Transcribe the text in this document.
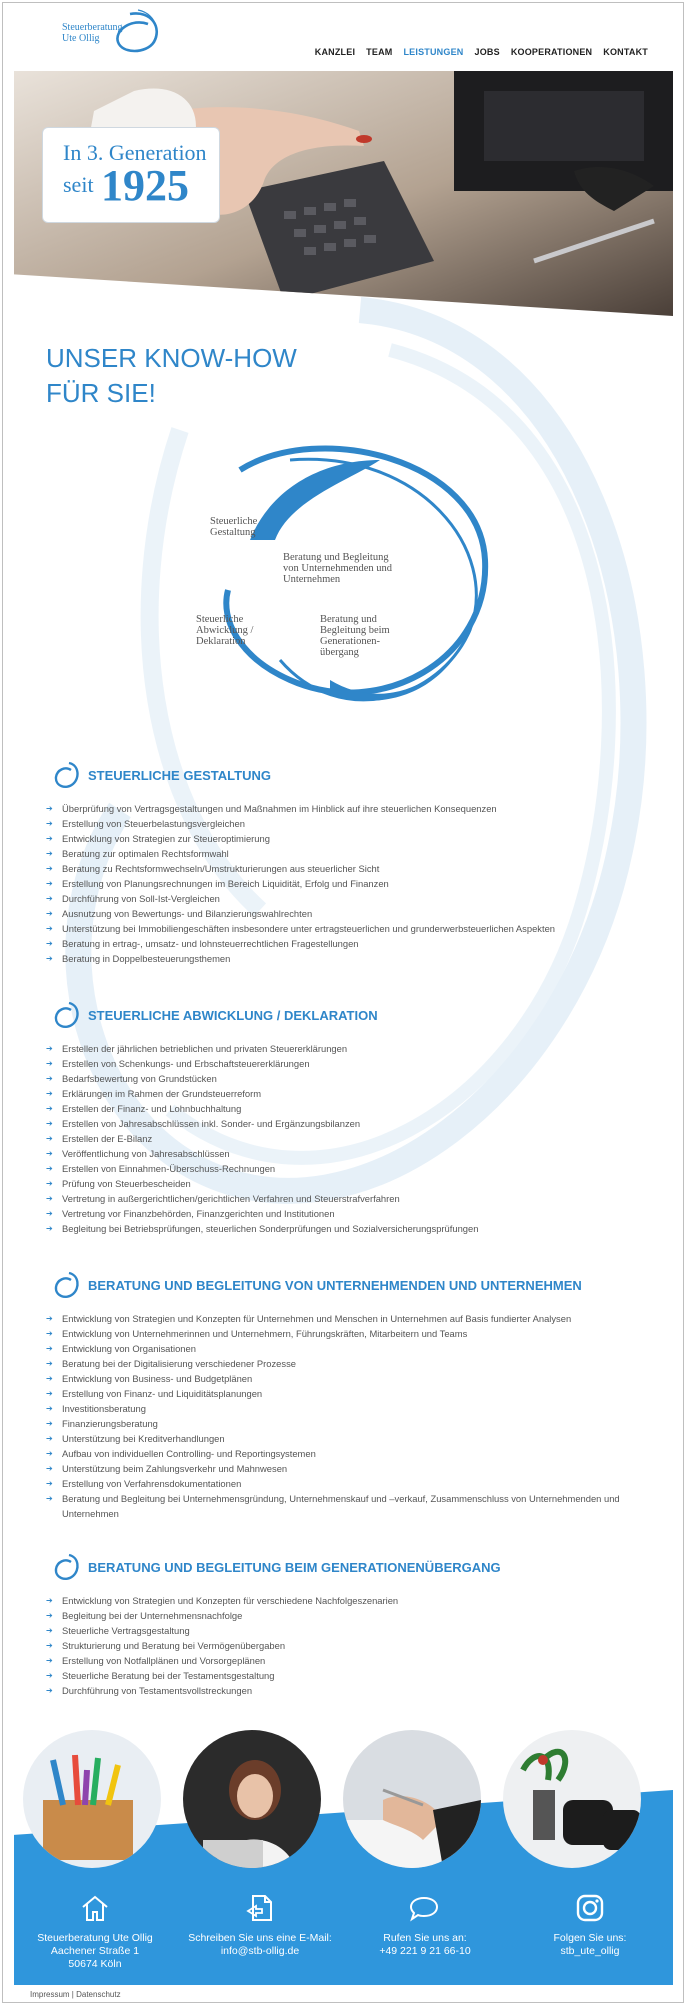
Steuerberatung
Ute Ollig
KANZLEI TEAM LEISTUNGEN JOBS KOOPERATIONEN KONTAKT
In 3. Generation
seit 1925
UNSER KNOW-HOW
FÜR SIE!
Steuerliche
Gestaltung
Beratung und Begleitung
von Unternehmenden und
Unternehmen
Steuerliche
Abwicklung /
Deklaration
Beratung und
Begleitung beim
Generationen-
übergang
STEUERLICHE GESTALTUNG
➔ Überprüfung von Vertragsgestaltungen und Maßnahmen im Hinblick auf ihre steuerlichen Konsequenzen
➔ Erstellung von Steuerbelastungsvergleichen
➔ Entwicklung von Strategien zur Steueroptimierung
➔ Beratung zur optimalen Rechtsformwahl
➔ Beratung zu Rechtsformwechseln/Umstrukturierungen aus steuerlicher Sicht
➔ Erstellung von Planungsrechnungen im Bereich Liquidität, Erfolg und Finanzen
➔ Durchführung von Soll-Ist-Vergleichen
➔ Ausnutzung von Bewertungs- und Bilanzierungswahlrechten
➔ Unterstützung bei Immobiliengeschäften insbesondere unter ertragsteuerlichen und grunderwerbsteuerlichen Aspekten
➔ Beratung in ertrag-, umsatz- und lohnsteuerrechtlichen Fragestellungen
➔ Beratung in Doppelbesteuerungsthemen
STEUERLICHE ABWICKLUNG / DEKLARATION
➔ Erstellen der jährlichen betrieblichen und privaten Steuererklärungen
➔ Erstellen von Schenkungs- und Erbschaftsteuererklärungen
➔ Bedarfsbewertung von Grundstücken
➔ Erklärungen im Rahmen der Grundsteuerreform
➔ Erstellen der Finanz- und Lohnbuchhaltung
➔ Erstellen von Jahresabschlüssen inkl. Sonder- und Ergänzungsbilanzen
➔ Erstellen der E-Bilanz
➔ Veröffentlichung von Jahresabschlüssen
➔ Erstellen von Einnahmen-Überschuss-Rechnungen
➔ Prüfung von Steuerbescheiden
➔ Vertretung in außergerichtlichen/gerichtlichen Verfahren und Steuerstrafverfahren
➔ Vertretung vor Finanzbehörden, Finanzgerichten und Institutionen
➔ Begleitung bei Betriebsprüfungen, steuerlichen Sonderprüfungen und Sozialversicherungsprüfungen
BERATUNG UND BEGLEITUNG VON UNTERNEHMENDEN UND UNTERNEHMEN
➔ Entwicklung von Strategien und Konzepten für Unternehmen und Menschen in Unternehmen auf Basis fundierter Analysen
➔ Entwicklung von Unternehmerinnen und Unternehmern, Führungskräften, Mitarbeitern und Teams
➔ Entwicklung von Organisationen
➔ Beratung bei der Digitalisierung verschiedener Prozesse
➔ Entwicklung von Business- und Budgetplänen
➔ Erstellung von Finanz- und Liquiditätsplanungen
➔ Investitionsberatung
➔ Finanzierungsberatung
➔ Unterstützung bei Kreditverhandlungen
➔ Aufbau von individuellen Controlling- und Reportingsystemen
➔ Unterstützung beim Zahlungsverkehr und Mahnwesen
➔ Erstellung von Verfahrensdokumentationen
➔ Beratung und Begleitung bei Unternehmensgründung, Unternehmenskauf und –verkauf, Zusammenschluss von Unternehmenden und Unternehmen
BERATUNG UND BEGLEITUNG BEIM GENERATIONENÜBERGANG
➔ Entwicklung von Strategien und Konzepten für verschiedene Nachfolgeszenarien
➔ Begleitung bei der Unternehmensnachfolge
➔ Steuerliche Vertragsgestaltung
➔ Strukturierung und Beratung bei Vermögenübergaben
➔ Erstellung von Notfallplänen und Vorsorgeplänen
➔ Steuerliche Beratung bei der Testamentsgestaltung
➔ Durchführung von Testamentsvollstreckungen
Steuerberatung Ute Ollig
Aachener Straße 1
50674 Köln
Schreiben Sie uns eine E-Mail:
info@stb-ollig.de
Rufen Sie uns an:
+49 221 9 21 66-10
Folgen Sie uns:
stb_ute_ollig
Impressum | Datenschutz
